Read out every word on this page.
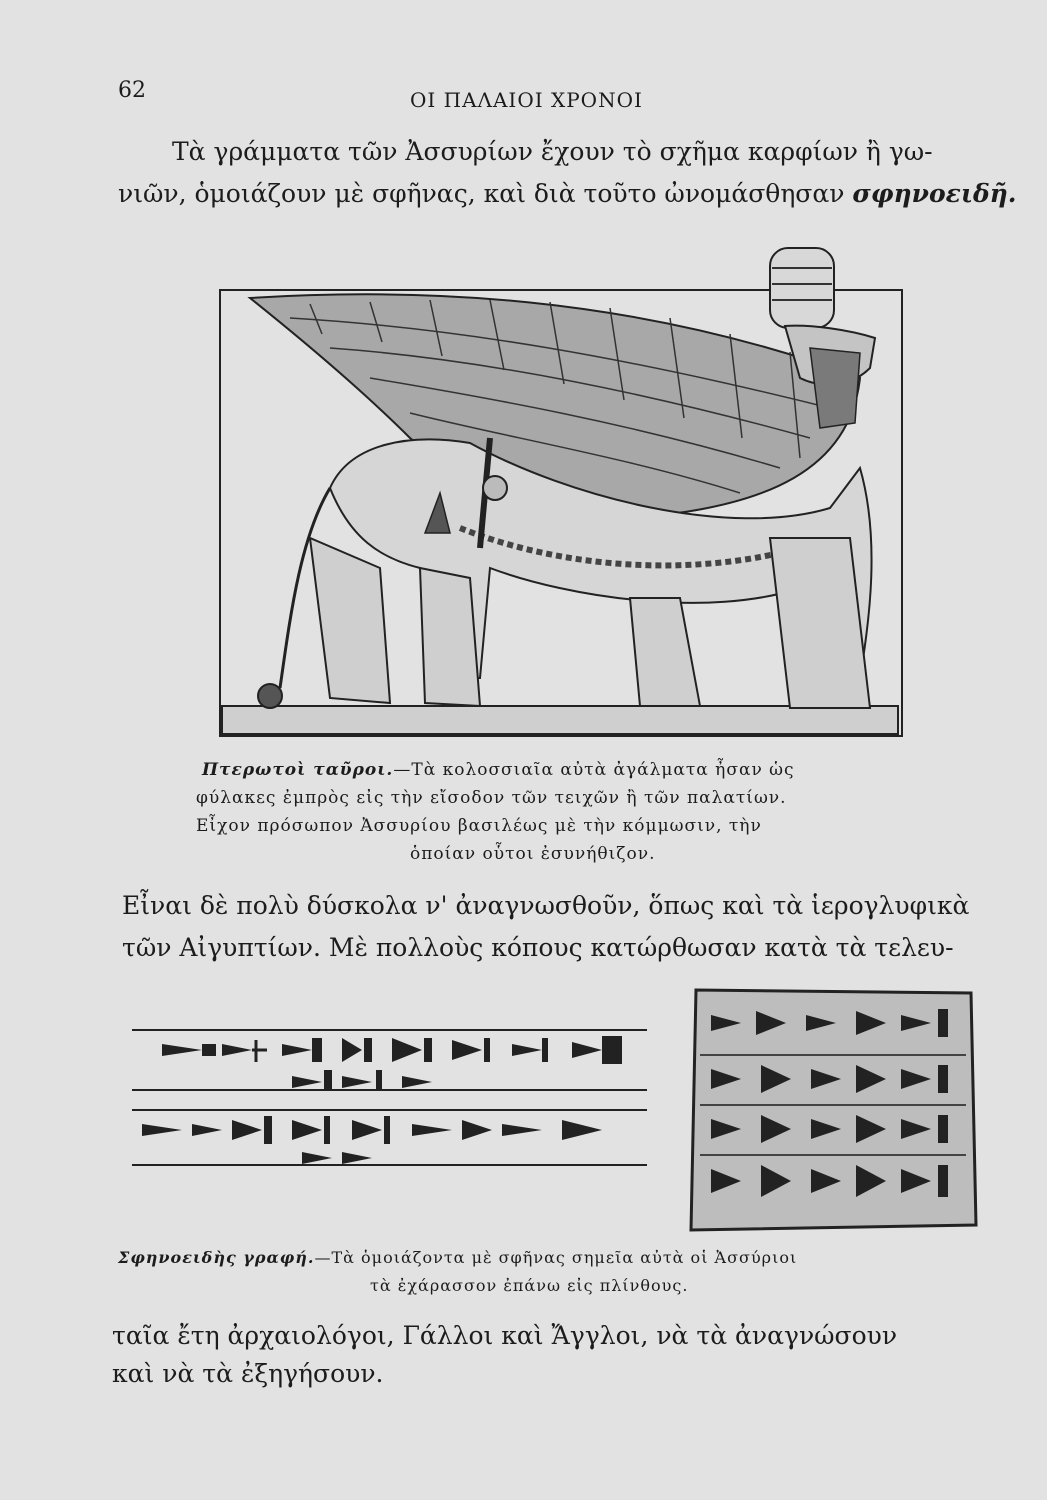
62	ΟΙ ΠΑΛΑΙΟΙ ΧΡΟΝΟΙ
Τὰ γράμματα τῶν Ἀσσυρίων ἔχουν τὸ σχῆμα καρφίων ἢ γω-
νιῶν, ὁμοιάζουν μὲ σφῆνας, καὶ διὰ τοῦτο ὠνομάσθησαν σφηνοειδῆ.
Πτερωτοὶ ταῦροι.—Τὰ κολοσσιαῖα αὐτὰ ἀγάλματα ἦσαν ὡς
φύλακες ἐμπρὸς εἰς τὴν εἴσοδον τῶν τειχῶν ἢ τῶν παλατίων.
Εἶχον πρόσωπον Ἀσσυρίου βασιλέως μὲ τὴν κόμμωσιν, τὴν
ὁποίαν οὗτοι ἐσυνήθιζον.
Εἶναι δὲ πολὺ δύσκολα ν' ἀναγνωσθοῦν, ὅπως καὶ τὰ ἱερογλυφικὰ
τῶν Αἰγυπτίων. Μὲ πολλοὺς κόπους κατώρθωσαν κατὰ τὰ τελευ-
Σφηνοειδὴς γραφή.—Τὰ ὁμοιάζοντα μὲ σφῆνας σημεῖα αὐτὰ οἱ Ἀσσύριοι
τὰ ἐχάρασσον ἐπάνω εἰς πλίνθους.
ταῖα ἔτη ἀρχαιολόγοι, Γάλλοι καὶ Ἄγγλοι, νὰ τὰ ἀναγνώσουν
καὶ νὰ τὰ ἐξηγήσουν.
